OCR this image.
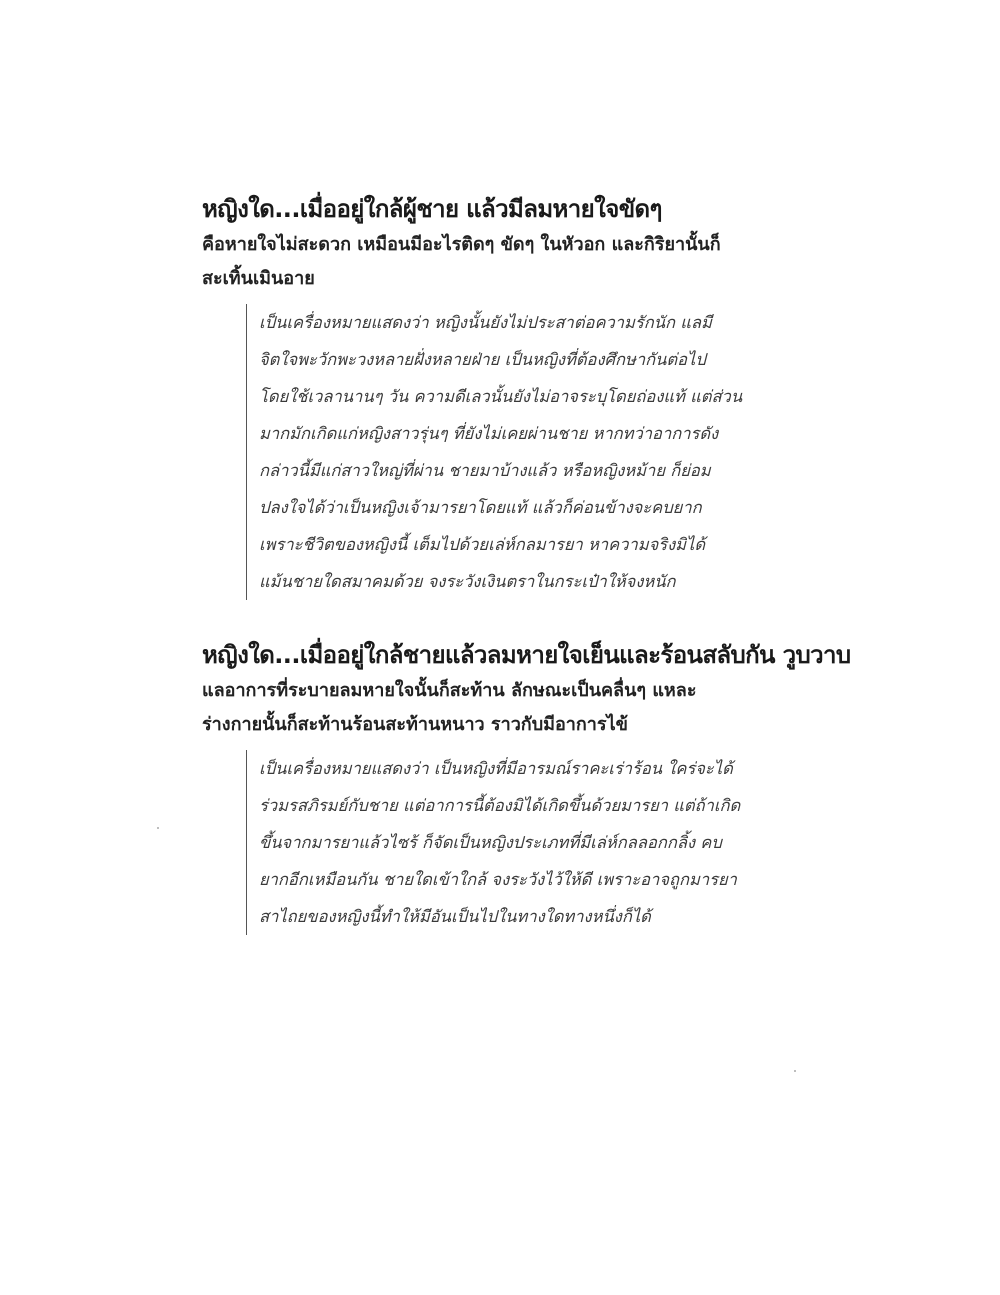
หญิงใด...เมื่ออยู่ใกล้ผู้ชาย แล้วมีลมหายใจขัดๆ

คือหายใจไม่สะดวก เหมือนมีอะไรติดๆ ขัดๆ ในหัวอก และกิริยานั้นก็

สะเทิ้นเมินอาย

เป็นเครื่องหมายแสดงว่า หญิงนั้นยังไม่ประสาต่อความรักนัก แลมี

จิตใจพะวักพะวงหลายฝั่งหลายฝ่าย เป็นหญิงที่ต้องศึกษากันต่อไป

โดยใช้เวลานานๆ วัน ความดีเลวนั้นยังไม่อาจระบุโดยถ่องแท้ แต่ส่วน

มากมักเกิดแก่หญิงสาวรุ่นๆ ที่ยังไม่เคยผ่านชาย หากทว่าอาการดัง

กล่าวนี้มีแก่สาวใหญ่ที่ผ่าน ชายมาบ้างแล้ว หรือหญิงหม้าย ก็ย่อม

ปลงใจได้ว่าเป็นหญิงเจ้ามารยาโดยแท้ แล้วก็ค่อนข้างจะคบยาก

เพราะชีวิตของหญิงนี้ เต็มไปด้วยเล่ห์กลมารยา หาความจริงมิได้

แม้นชายใดสมาคมด้วย จงระวังเงินตราในกระเป๋าให้จงหนัก

หญิงใด...เมื่ออยู่ใกล้ชายแล้วลมหายใจเย็นและร้อนสลับกัน วูบวาบ

แลอาการที่ระบายลมหายใจนั้นก็สะท้าน ลักษณะเป็นคลื่นๆ แหละ

ร่างกายนั้นก็สะท้านร้อนสะท้านหนาว ราวกับมีอาการไข้

เป็นเครื่องหมายแสดงว่า เป็นหญิงที่มีอารมณ์ราคะเร่าร้อน ใคร่จะได้

ร่วมรสภิรมย์กับชาย แต่อาการนี้ต้องมิได้เกิดขึ้นด้วยมารยา แต่ถ้าเกิด

ขึ้นจากมารยาแล้วไซร้ ก็จัดเป็นหญิงประเภทที่มีเล่ห์กลลอกกลิ้ง คบ

ยากอีกเหมือนกัน ชายใดเข้าใกล้ จงระวังไว้ให้ดี เพราะอาจถูกมารยา

สาไถยของหญิงนี้ทำให้มีอันเป็นไปในทางใดทางหนึ่งก็ได้
